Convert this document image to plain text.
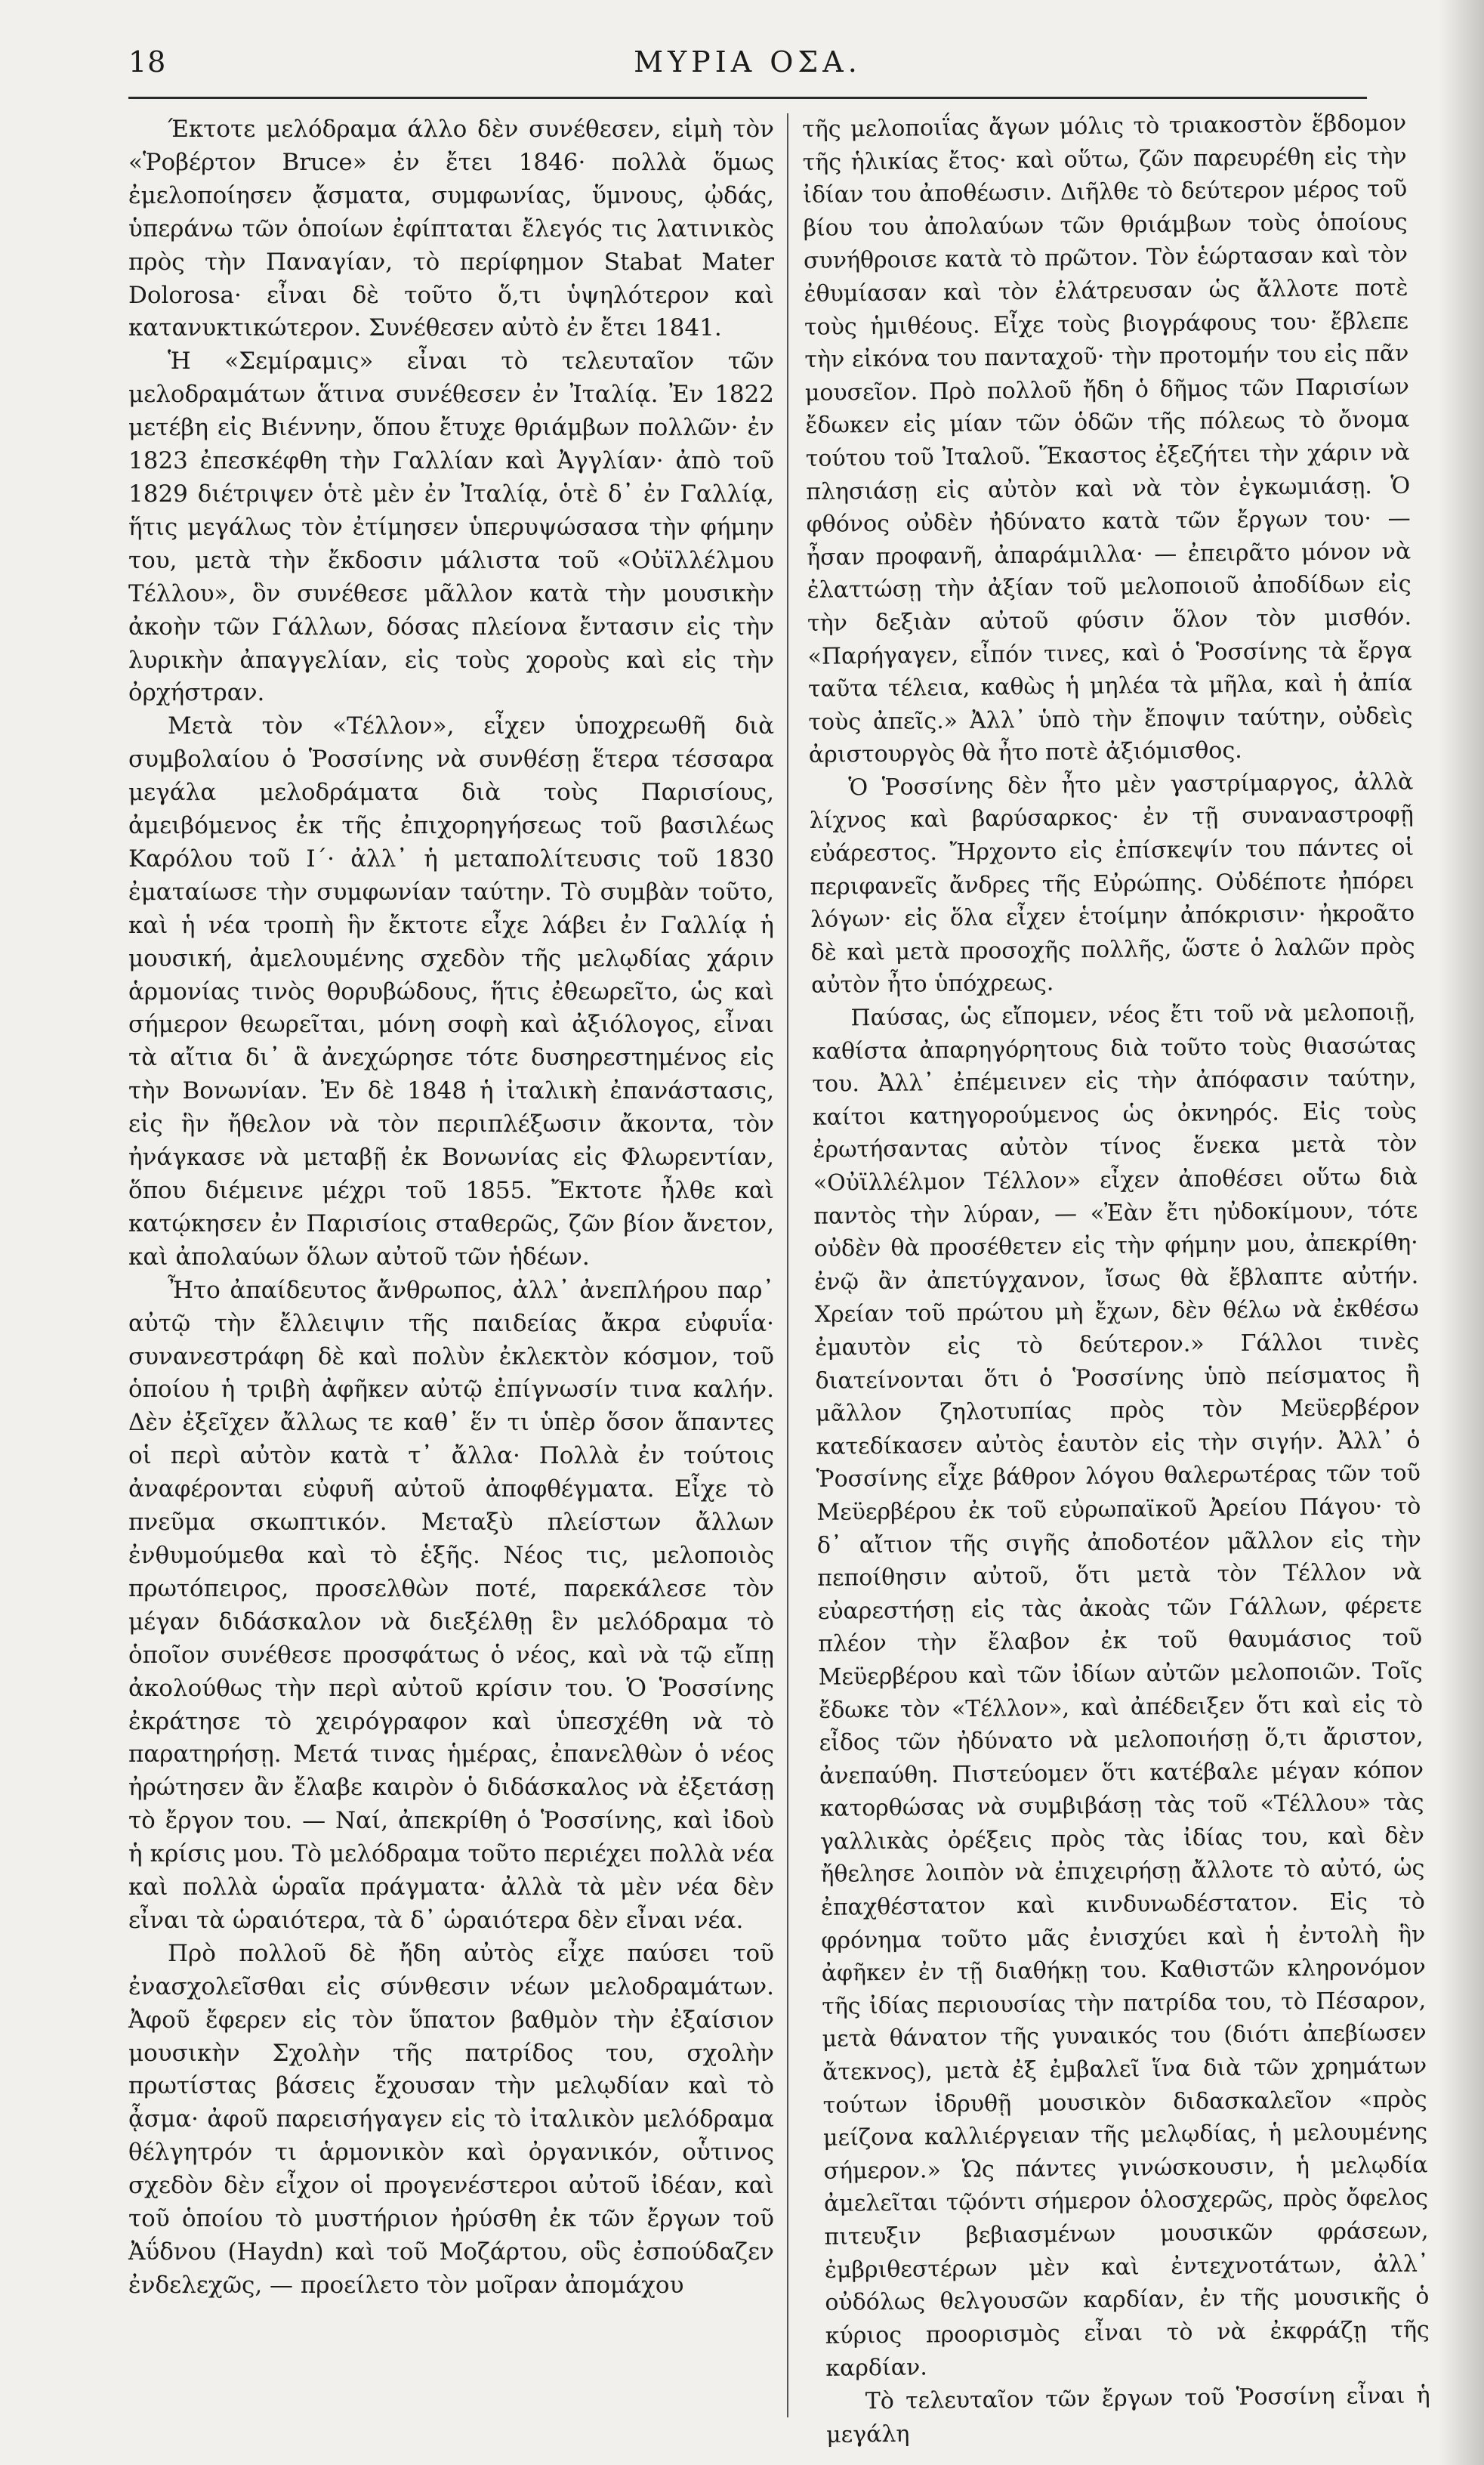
18	ΜΥΡΙΑ ΟΣΑ.

Έκτοτε μελόδραμα άλλο δὲν συνέθεσεν, εἰμὴ τὸν «Ῥοβέρτον Bruce» ἐν ἔτει 1846· πολλὰ ὅμως ἐμελοποίησεν ᾄσματα, συμφωνίας, ὕμνους, ᾠδάς, ὑπεράνω τῶν ὁποίων ἐφίπταται ἔλεγός τις λατινικὸς πρὸς τὴν Παναγίαν, τὸ περίφημον Stabat Mater Dolorosa· εἶναι δὲ τοῦτο ὅ,τι ὑψηλότερον καὶ κατανυκτικώτερον. Συνέθεσεν αὐτὸ ἐν ἔτει 1841.

Ἡ «Σεμίραμις» εἶναι τὸ τελευταῖον τῶν μελοδραμάτων ἅτινα συνέθεσεν ἐν Ἰταλίᾳ. Ἐν 1822 μετέβη εἰς Βιέννην, ὅπου ἔτυχε θριάμβων πολλῶν· ἐν 1823 ἐπεσκέφθη τὴν Γαλλίαν καὶ Ἀγγλίαν· ἀπὸ τοῦ 1829 διέτριψεν ὁτὲ μὲν ἐν Ἰταλίᾳ, ὁτὲ δ᾽ ἐν Γαλλίᾳ, ἥτις μεγάλως τὸν ἐτίμησεν ὑπερυψώσασα τὴν φήμην του, μετὰ τὴν ἔκδοσιν μάλιστα τοῦ «Οὐϊλλέλμου Τέλλου», ὃν συνέθεσε μᾶλλον κατὰ τὴν μουσικὴν ἀκοὴν τῶν Γάλλων, δόσας πλείονα ἔντασιν εἰς τὴν λυρικὴν ἀπαγγελίαν, εἰς τοὺς χοροὺς καὶ εἰς τὴν ὀρχήστραν.

Μετὰ τὸν «Τέλλον», εἶχεν ὑποχρεωθῆ διὰ συμβολαίου ὁ Ῥοσσίνης νὰ συνθέσῃ ἕτερα τέσσαρα μεγάλα μελοδράματα διὰ τοὺς Παρισίους, ἀμειβόμενος ἐκ τῆς ἐπιχορηγήσεως τοῦ βασιλέως Καρόλου τοῦ Ι΄· ἀλλ᾽ ἡ μεταπολίτευσις τοῦ 1830 ἐματαίωσε τὴν συμφωνίαν ταύτην. Τὸ συμβὰν τοῦτο, καὶ ἡ νέα τροπὴ ἣν ἔκτοτε εἶχε λάβει ἐν Γαλλίᾳ ἡ μουσική, ἀμελουμένης σχεδὸν τῆς μελῳδίας χάριν ἁρμονίας τινὸς θορυβώδους, ἥτις ἐθεωρεῖτο, ὡς καὶ σήμερον θεωρεῖται, μόνη σοφὴ καὶ ἀξιόλογος, εἶναι τὰ αἴτια δι᾽ ἃ ἀνεχώρησε τότε δυσηρεστημένος εἰς τὴν Βονωνίαν. Ἐν δὲ 1848 ἡ ἰταλικὴ ἐπανάστασις, εἰς ἣν ἤθελον νὰ τὸν περιπλέξωσιν ἄκοντα, τὸν ἠνάγκασε νὰ μεταβῇ ἐκ Βονωνίας εἰς Φλωρεντίαν, ὅπου διέμεινε μέχρι τοῦ 1855. Ἔκτοτε ἦλθε καὶ κατῴκησεν ἐν Παρισίοις σταθερῶς, ζῶν βίον ἄνετον, καὶ ἀπολαύων ὅλων αὐτοῦ τῶν ἡδέων.

Ἦτο ἀπαίδευτος ἄνθρωπος, ἀλλ᾽ ἀνεπλήρου παρ᾽ αὐτῷ τὴν ἔλλειψιν τῆς παιδείας ἄκρα εὐφυΐα· συνανεστράφη δὲ καὶ πολὺν ἐκλεκτὸν κόσμον, τοῦ ὁποίου ἡ τριβὴ ἀφῆκεν αὐτῷ ἐπίγνωσίν τινα καλήν. Δὲν ἐξεῖχεν ἄλλως τε καθ᾽ ἕν τι ὑπὲρ ὅσον ἅπαντες οἱ περὶ αὐτὸν κατὰ τ᾽ ἄλλα· Πολλὰ ἐν τούτοις ἀναφέρονται εὐφυῆ αὐτοῦ ἀποφθέγματα. Εἶχε τὸ πνεῦμα σκωπτικόν. Μεταξὺ πλείστων ἄλλων ἐνθυμούμεθα καὶ τὸ ἑξῆς. Νέος τις, μελοποιὸς πρωτόπειρος, προσελθὼν ποτέ, παρεκάλεσε τὸν μέγαν διδάσκαλον νὰ διεξέλθῃ ἓν μελόδραμα τὸ ὁποῖον συνέθεσε προσφάτως ὁ νέος, καὶ νὰ τῷ εἴπῃ ἀκολούθως τὴν περὶ αὐτοῦ κρίσιν του. Ὁ Ῥοσσίνης ἐκράτησε τὸ χειρόγραφον καὶ ὑπεσχέθη νὰ τὸ παρατηρήσῃ. Μετά τινας ἡμέρας, ἐπανελθὼν ὁ νέος ἠρώτησεν ἂν ἔλαβε καιρὸν ὁ διδάσκαλος νὰ ἐξετάσῃ τὸ ἔργον του. — Ναί, ἀπεκρίθη ὁ Ῥοσσίνης, καὶ ἰδοὺ ἡ κρίσις μου. Τὸ μελόδραμα τοῦτο περιέχει πολλὰ νέα καὶ πολλὰ ὡραῖα πράγματα· ἀλλὰ τὰ μὲν νέα δὲν εἶναι τὰ ὡραιότερα, τὰ δ᾽ ὡραιότερα δὲν εἶναι νέα.

Πρὸ πολλοῦ δὲ ἤδη αὐτὸς εἶχε παύσει τοῦ ἐνασχολεῖσθαι εἰς σύνθεσιν νέων μελοδραμάτων. Ἀφοῦ ἔφερεν εἰς τὸν ὕπατον βαθμὸν τὴν ἐξαίσιον μουσικὴν Σχολὴν τῆς πατρίδος του, σχολὴν πρωτίστας βάσεις ἔχουσαν τὴν μελῳδίαν καὶ τὸ ᾆσμα· ἀφοῦ παρεισήγαγεν εἰς τὸ ἰταλικὸν μελόδραμα θέλγητρόν τι ἁρμονικὸν καὶ ὀργανικόν, οὗτινος σχεδὸν δὲν εἶχον οἱ προγενέστεροι αὐτοῦ ἰδέαν, καὶ τοῦ ὁποίου τὸ μυστήριον ἠρύσθη ἐκ τῶν ἔργων τοῦ Ἀΰδνου (Haydn) καὶ τοῦ Μοζάρτου, οὓς ἐσπούδαζεν ἐνδελεχῶς, — προείλετο τὸν μοῖραν ἀπομάχου

τῆς μελοποιΐας ἄγων μόλις τὸ τριακοστὸν ἕβδομον τῆς ἡλικίας ἔτος· καὶ οὕτω, ζῶν παρευρέθη εἰς τὴν ἰδίαν του ἀποθέωσιν. Διῆλθε τὸ δεύτερον μέρος τοῦ βίου του ἀπολαύων τῶν θριάμβων τοὺς ὁποίους συνήθροισε κατὰ τὸ πρῶτον. Τὸν ἑώρτασαν καὶ τὸν ἐθυμίασαν καὶ τὸν ἐλάτρευσαν ὡς ἄλλοτε ποτὲ τοὺς ἡμιθέους. Εἶχε τοὺς βιογράφους του· ἔβλεπε τὴν εἰκόνα του πανταχοῦ· τὴν προτομήν του εἰς πᾶν μουσεῖον. Πρὸ πολλοῦ ἤδη ὁ δῆμος τῶν Παρισίων ἔδωκεν εἰς μίαν τῶν ὁδῶν τῆς πόλεως τὸ ὄνομα τούτου τοῦ Ἰταλοῦ. Ἕκαστος ἐξεζήτει τὴν χάριν νὰ πλησιάσῃ εἰς αὐτὸν καὶ νὰ τὸν ἐγκωμιάσῃ. Ὁ φθόνος οὐδὲν ἠδύνατο κατὰ τῶν ἔργων του· — ἦσαν προφανῆ, ἀπαράμιλλα· — ἐπειρᾶτο μόνον νὰ ἐλαττώσῃ τὴν ἀξίαν τοῦ μελοποιοῦ ἀποδίδων εἰς τὴν δεξιὰν αὐτοῦ φύσιν ὅλον τὸν μισθόν. «Παρήγαγεν, εἶπόν τινες, καὶ ὁ Ῥοσσίνης τὰ ἔργα ταῦτα τέλεια, καθὼς ἡ μηλέα τὰ μῆλα, καὶ ἡ ἀπία τοὺς ἀπεῖς.» Ἀλλ᾽ ὑπὸ τὴν ἔποψιν ταύτην, οὐδεὶς ἀριστουργὸς θὰ ἦτο ποτὲ ἀξιόμισθος.

Ὁ Ῥοσσίνης δὲν ἦτο μὲν γαστρίμαργος, ἀλλὰ λίχνος καὶ βαρύσαρκος· ἐν τῇ συναναστροφῇ εὐάρεστος. Ἤρχοντο εἰς ἐπίσκεψίν του πάντες οἱ περιφανεῖς ἄνδρες τῆς Εὐρώπης. Οὐδέποτε ἠπόρει λόγων· εἰς ὅλα εἶχεν ἑτοίμην ἀπόκρισιν· ἠκροᾶτο δὲ καὶ μετὰ προσοχῆς πολλῆς, ὥστε ὁ λαλῶν πρὸς αὐτὸν ἦτο ὑπόχρεως.

Παύσας, ὡς εἴπομεν, νέος ἔτι τοῦ νὰ μελοποιῇ, καθίστα ἀπαρηγόρητους διὰ τοῦτο τοὺς θιασώτας του. Ἀλλ᾽ ἐπέμεινεν εἰς τὴν ἀπόφασιν ταύτην, καίτοι κατηγορούμενος ὡς ὀκνηρός. Εἰς τοὺς ἐρωτήσαντας αὐτὸν τίνος ἕνεκα μετὰ τὸν «Οὐϊλλέλμον Τέλλον» εἶχεν ἀποθέσει οὕτω διὰ παντὸς τὴν λύραν, — «Ἐὰν ἔτι ηὐδοκίμουν, τότε οὐδὲν θὰ προσέθετεν εἰς τὴν φήμην μου, ἀπεκρίθη· ἐνῷ ἂν ἀπετύγχανον, ἴσως θὰ ἔβλαπτε αὐτήν. Χρείαν τοῦ πρώτου μὴ ἔχων, δὲν θέλω νὰ ἐκθέσω ἐμαυτὸν εἰς τὸ δεύτερον.» Γάλλοι τινὲς διατείνονται ὅτι ὁ Ῥοσσίνης ὑπὸ πείσματος ἢ μᾶλλον ζηλοτυπίας πρὸς τὸν Μεϋερβέρον κατεδίκασεν αὐτὸς ἑαυτὸν εἰς τὴν σιγήν. Ἀλλ᾽ ὁ Ῥοσσίνης εἶχε βάθρον λόγου θαλερωτέρας τῶν τοῦ Μεϋερβέρου ἐκ τοῦ εὐρωπαϊκοῦ Ἀρείου Πάγου· τὸ δ᾽ αἴτιον τῆς σιγῆς ἀποδοτέον μᾶλλον εἰς τὴν πεποίθησιν αὐτοῦ, ὅτι μετὰ τὸν Τέλλον νὰ εὐαρεστήσῃ εἰς τὰς ἀκοὰς τῶν Γάλλων, φέρετε πλέον τὴν ἔλαβον ἐκ τοῦ θαυμάσιος τοῦ Μεϋερβέρου καὶ τῶν ἰδίων αὐτῶν μελοποιῶν. Τοῖς ἔδωκε τὸν «Τέλλον», καὶ ἀπέδειξεν ὅτι καὶ εἰς τὸ εἶδος τῶν ἠδύνατο νὰ μελοποιήσῃ ὅ,τι ἄριστον, ἀνεπαύθη. Πιστεύομεν ὅτι κατέβαλε μέγαν κόπον κατορθώσας νὰ συμβιβάσῃ τὰς τοῦ «Τέλλου» τὰς γαλλικὰς ὀρέξεις πρὸς τὰς ἰδίας του, καὶ δὲν ἤθελησε λοιπὸν νὰ ἐπιχειρήσῃ ἄλλοτε τὸ αὐτό, ὡς ἐπαχθέστατον καὶ κινδυνωδέστατον. Εἰς τὸ φρόνημα τοῦτο μᾶς ἐνισχύει καὶ ἡ ἐντολὴ ἣν ἀφῆκεν ἐν τῇ διαθήκῃ του. Καθιστῶν κληρονόμον τῆς ἰδίας περιουσίας τὴν πατρίδα του, τὸ Πέσαρον, μετὰ θάνατον τῆς γυναικός του (διότι ἀπεβίωσεν ἄτεκνος), μετὰ ἐξ ἐμβαλεῖ ἵνα διὰ τῶν χρημάτων τούτων ἱδρυθῇ μουσικὸν διδασκαλεῖον «πρὸς μείζονα καλλιέργειαν τῆς μελῳδίας, ἡ μελουμένης σήμερον.» Ὡς πάντες γινώσκουσιν, ἡ μελῳδία ἀμελεῖται τῷόντι σήμερον ὁλοσχερῶς, πρὸς ὄφελος πιτευξιν βεβιασμένων μουσικῶν φράσεων, ἐμβριθεστέρων μὲν καὶ ἐντεχνοτάτων, ἀλλ᾽ οὐδόλως θελγουσῶν καρδίαν, ἐν τῆς μουσικῆς ὁ κύριος προορισμὸς εἶναι τὸ νὰ ἐκφράζῃ τῆς καρδίαν.

Τὸ τελευταῖον τῶν ἔργων τοῦ Ῥοσσίνη εἶναι ἡ μεγάλη
